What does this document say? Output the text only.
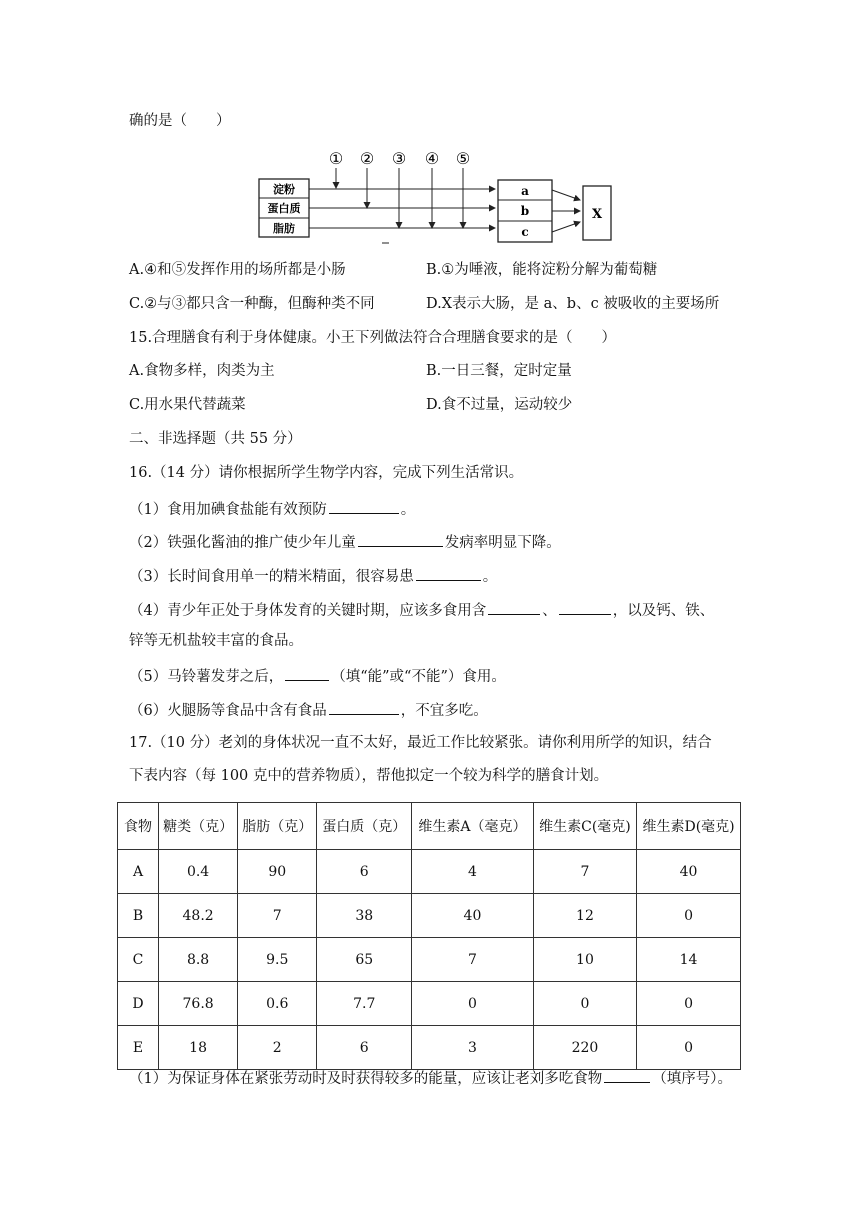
确的是（　　）
淀粉
蛋白质
脂肪
① ② ③ ④ ⑤
a
b
c
X
A.④和⑤发挥作用的场所都是小肠	B.①为唾液，能将淀粉分解为葡萄糖
C.②与③都只含一种酶，但酶种类不同	D.X表示大肠，是 a、b、c 被吸收的主要场所
15.合理膳食有利于身体健康。小王下列做法符合合理膳食要求的是（　　）
A.食物多样，肉类为主	B.一日三餐，定时定量
C.用水果代替蔬菜	D.食不过量，运动较少
二、非选择题（共 55 分）
16.（14 分）请你根据所学生物学内容，完成下列生活常识。
（1）食用加碘食盐能有效预防	。
（2）铁强化酱油的推广使少年儿童	发病率明显下降。
（3）长时间食用单一的精米精面，很容易患	。
（4）青少年正处于身体发育的关键时期，应该多食用含	、	，以及钙、铁、
锌等无机盐较丰富的食品。
（5）马铃薯发芽之后，	（填“能”或“不能”）食用。
（6）火腿肠等食品中含有食品	，不宜多吃。
17.（10 分）老刘的身体状况一直不太好，最近工作比较紧张。请你利用所学的知识，结合
下表内容（每 100 克中的营养物质），帮他拟定一个较为科学的膳食计划。
食物	糖类（克）	脂肪（克）	蛋白质（克）	维生素A（毫克）	维生素C(毫克)	维生素D(毫克)
A	0.4	90	6	4	7	40
B	48.2	7	38	40	12	0
C	8.8	9.5	65	7	10	14
D	76.8	0.6	7.7	0	0	0
E	18	2	6	3	220	0
（1）为保证身体在紧张劳动时及时获得较多的能量，应该让老刘多吃食物	（填序号）。
